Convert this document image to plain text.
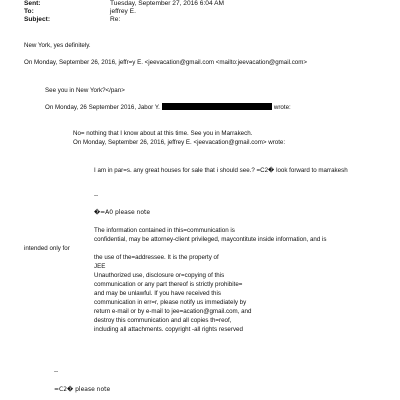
Sent:	Tuesday, September 27, 2016 6:04 AM
To:	jeffrey E.
Subject:	Re:
New York, yes definitely.
On Monday, September 26, 2016, jeffr=y E. <jeevacation@gmail.com <mailto:jeevacation@gmail.com>
See you in New York?</pan>
On Monday, 26 September 2016, Jabor Y.	wrote:
No= nothing that I know about at this time. See you in Marrakech.
On Monday, September 26, 2016, jeffrey E. <jeevacation@gmail.com> wrote:
I am in par=s. any great houses for sale that i should see.? =C2� look forward to marrakesh
--
�=A0 please note
The information contained in this=communication is
confidential, may be attorney-client privileged, maycontitute inside information, and is
intended only for
the use of the=addressee. It is the property of
JEE
Unauthorized use, disclosure or=copying of this
communication or any part thereof is strictly prohibite=
and may be unlawful. If you have received this
communication in err=r, please notify us immediately by
return e-mail or by e-mail to jee=acation@gmail.com, and
destroy this communication and all copies th=reof,
including all attachments. copyright -all rights reserved
--
=C2� please note
